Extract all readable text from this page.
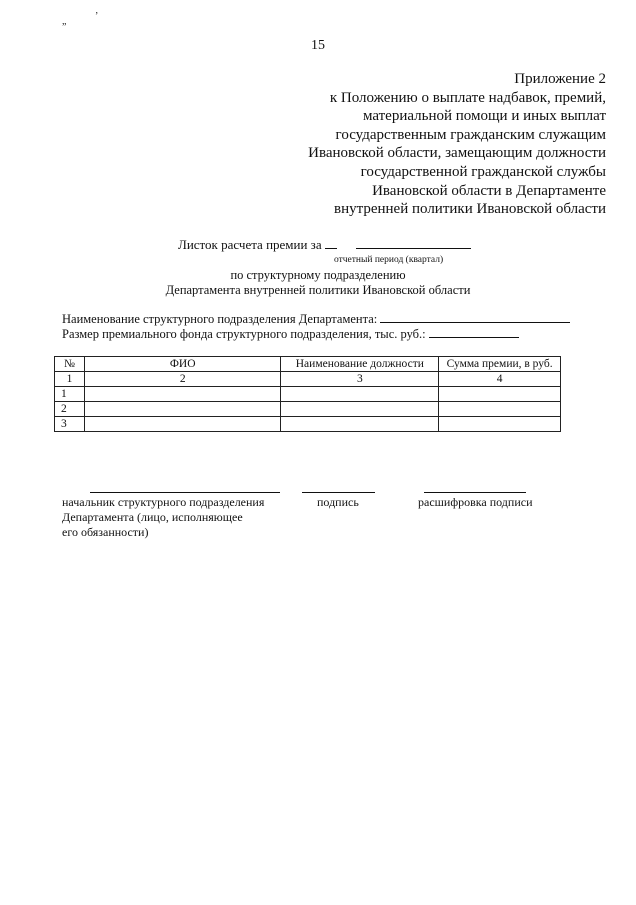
„	’
15
Приложение 2
к Положению о выплате надбавок, премий,
материальной помощи и иных выплат
государственным гражданским служащим
Ивановской области, замещающим должности
государственной гражданской службы
Ивановской области в Департаменте
внутренней политики Ивановской области
Листок расчета премии за
отчетный период (квартал)
по структурному подразделению
Департамента внутренней политики Ивановской области
Наименование структурного подразделения Департамента:
Размер премиального фонда структурного подразделения, тыс. руб.:
№	ФИО	Наименование должности	Сумма премии, в руб.
1	2	3	4
1			
2			
3			
начальник структурного подразделения
Департамента (лицо, исполняющее
его обязанности)
подпись	расшифровка подписи
